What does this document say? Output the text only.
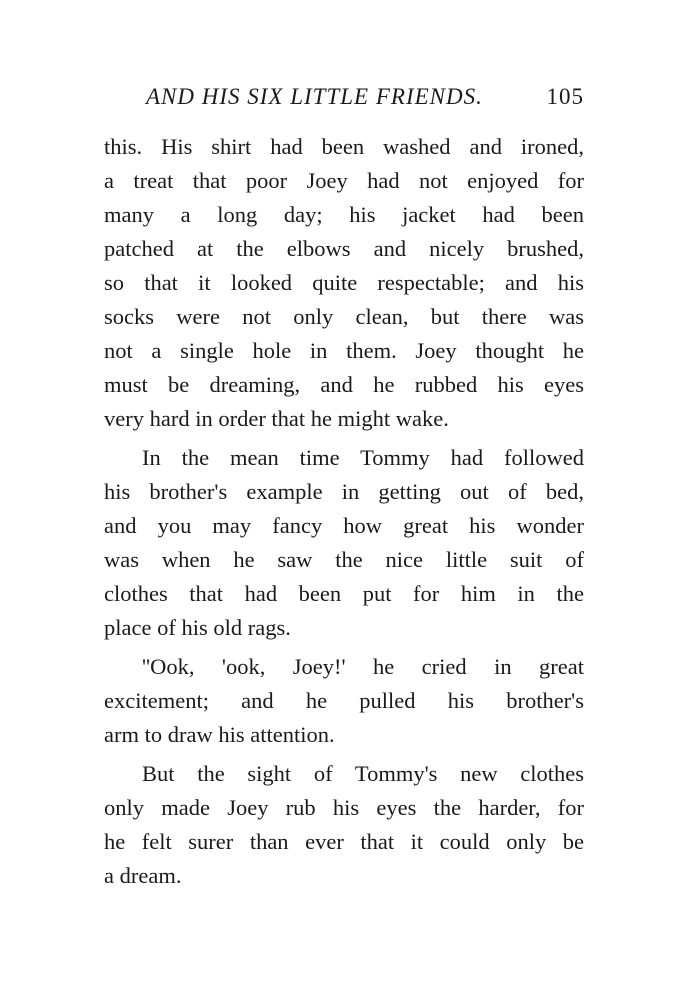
AND HIS SIX LITTLE FRIENDS.	105

this. His shirt had been washed and ironed,
a treat that poor Joey had not enjoyed for
many a long day; his jacket had been
patched at the elbows and nicely brushed,
so that it looked quite respectable; and his
socks were not only clean, but there was
not a single hole in them. Joey thought he
must be dreaming, and he rubbed his eyes
very hard in order that he might wake.

In the mean time Tommy had followed
his brother's example in getting out of bed,
and you may fancy how great his wonder
was when he saw the nice little suit of
clothes that had been put for him in the
place of his old rags.

''Ook, 'ook, Joey!' he cried in great
excitement; and he pulled his brother's
arm to draw his attention.

But the sight of Tommy's new clothes
only made Joey rub his eyes the harder, for
he felt surer than ever that it could only be
a dream.
